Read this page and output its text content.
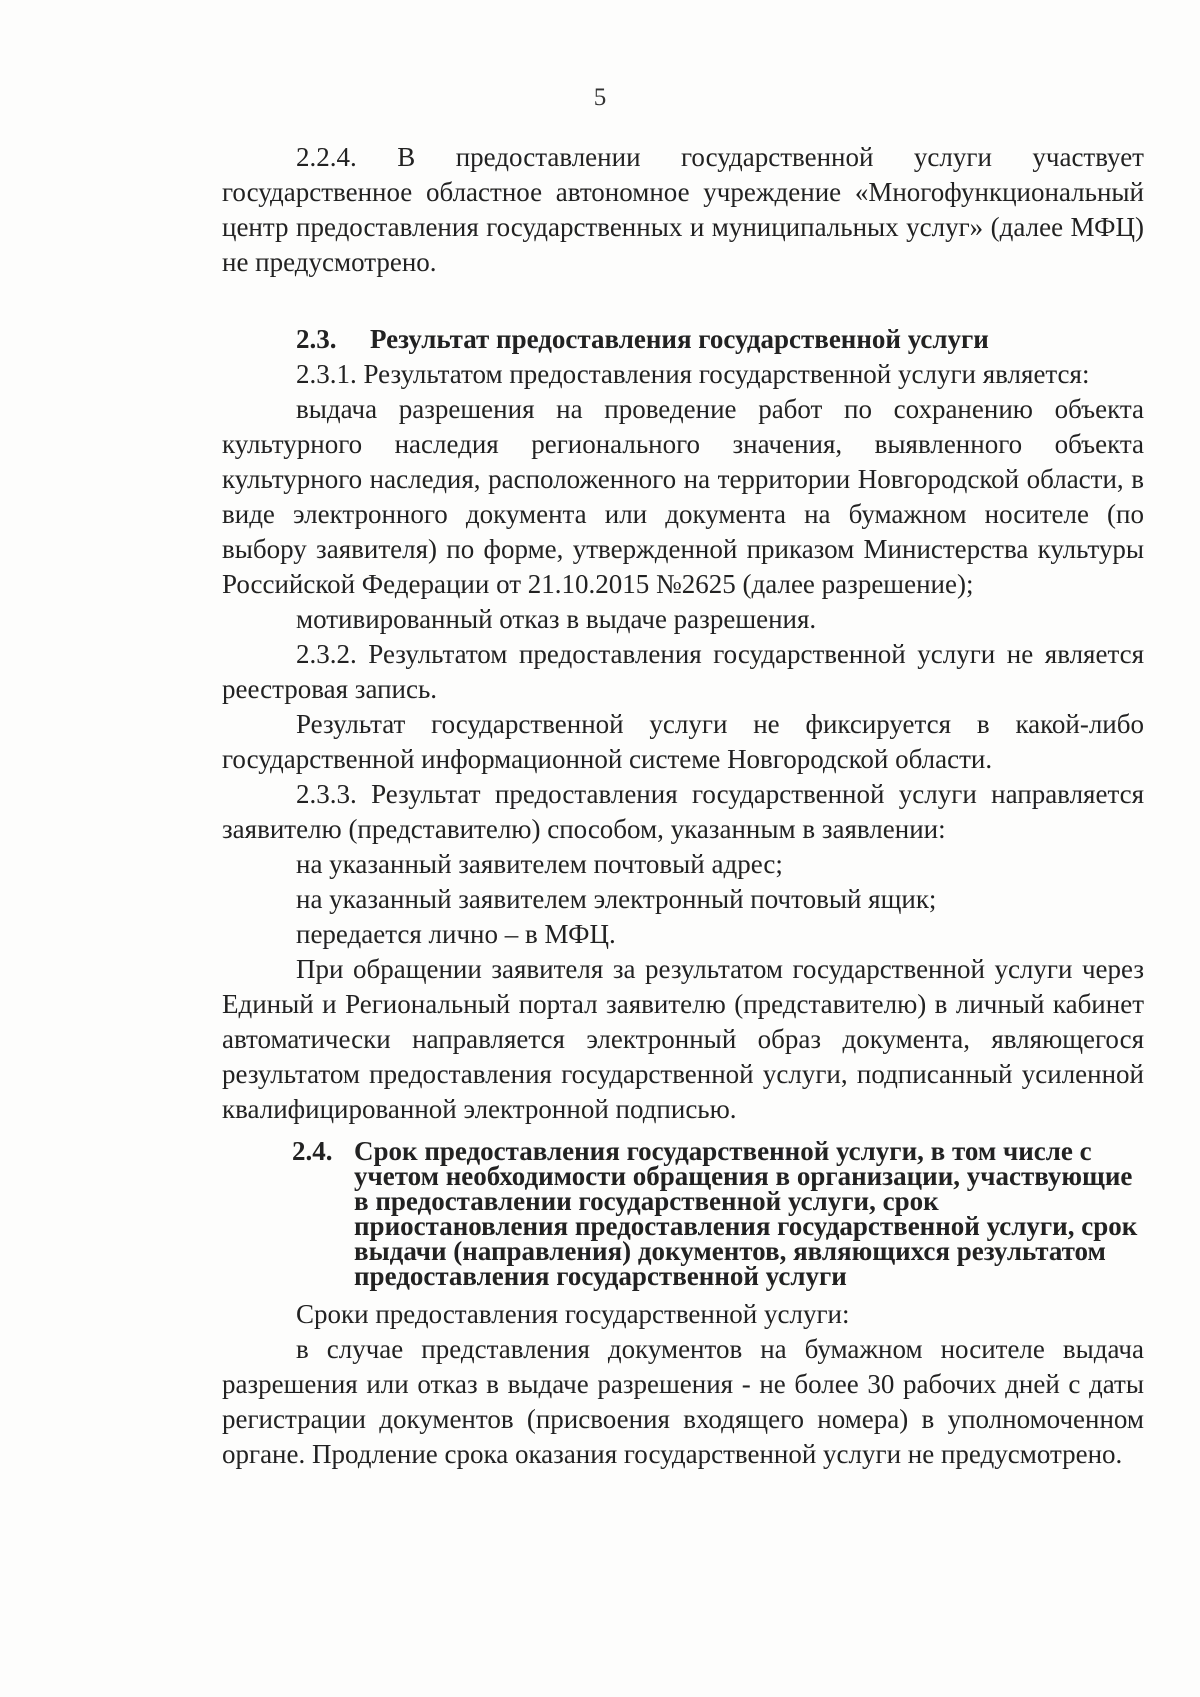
5

2.2.4. В предоставлении государственной услуги участвует государственное областное автономное учреждение «Многофункциональный центр предоставления государственных и муниципальных услуг» (далее МФЦ) не предусмотрено.

2.3.	Результат предоставления государственной услуги

2.3.1. Результатом предоставления государственной услуги является:

выдача разрешения на проведение работ по сохранению объекта культурного наследия регионального значения, выявленного объекта культурного наследия, расположенного на территории Новгородской области, в виде электронного документа или документа на бумажном носителе (по выбору заявителя) по форме, утвержденной приказом Министерства культуры Российской Федерации от 21.10.2015 №2625 (далее разрешение);

мотивированный отказ в выдаче разрешения.

2.3.2. Результатом предоставления государственной услуги не является реестровая запись.

Результат государственной услуги не фиксируется в какой-либо государственной информационной системе Новгородской области.

2.3.3. Результат предоставления государственной услуги направляется заявителю (представителю) способом, указанным в заявлении:

на указанный заявителем почтовый адрес;

на указанный заявителем электронный почтовый ящик;

передается лично – в МФЦ.

При обращении заявителя за результатом государственной услуги через Единый и Региональный портал заявителю (представителю) в личный кабинет автоматически направляется электронный образ документа, являющегося результатом предоставления государственной услуги, подписанный усиленной квалифицированной электронной подписью.

2.4. Срок предоставления государственной услуги, в том числе с учетом необходимости обращения в организации, участвующие в предоставлении государственной услуги, срок приостановления предоставления государственной услуги, срок выдачи (направления) документов, являющихся результатом предоставления государственной услуги

Сроки предоставления государственной услуги:

в случае представления документов на бумажном носителе выдача разрешения или отказ в выдаче разрешения - не более 30 рабочих дней с даты регистрации документов (присвоения входящего номера) в уполномоченном органе. Продление срока оказания государственной услуги не предусмотрено.
